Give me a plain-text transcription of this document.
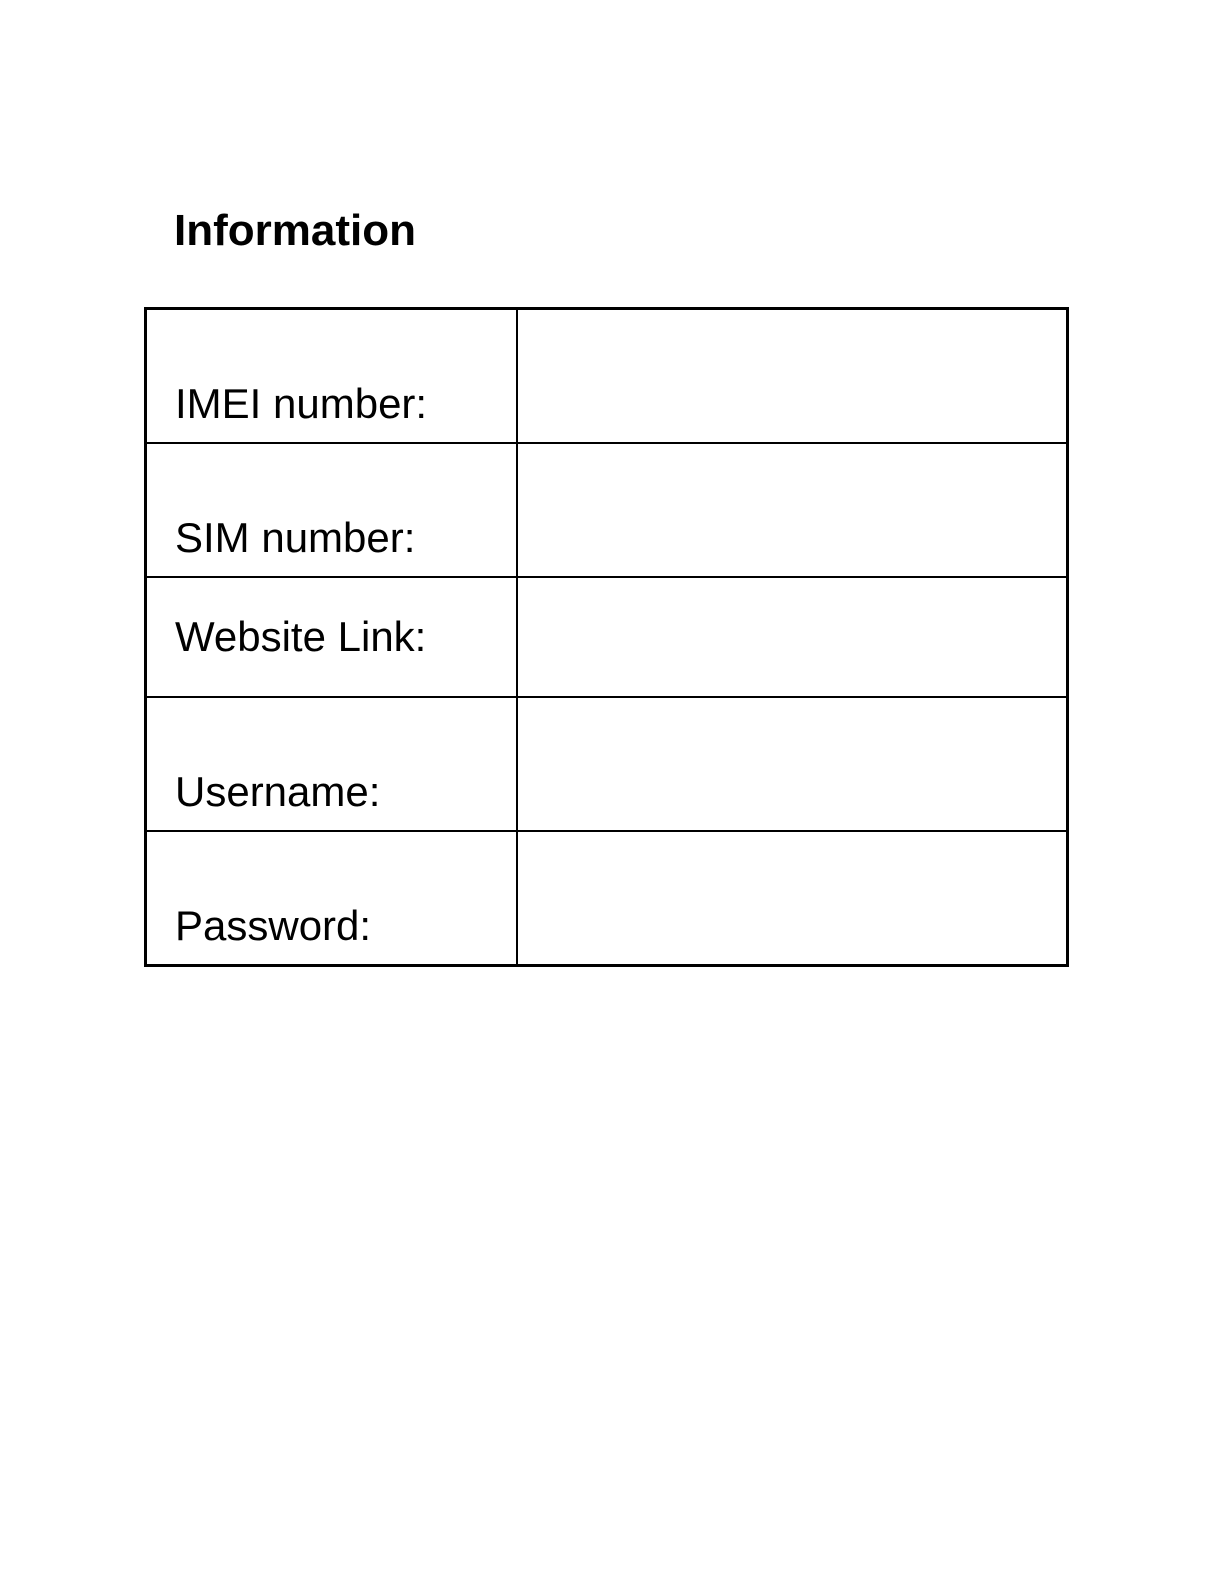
Information
IMEI number:	
SIM number:	
Website Link:	
Username:	
Password:	
